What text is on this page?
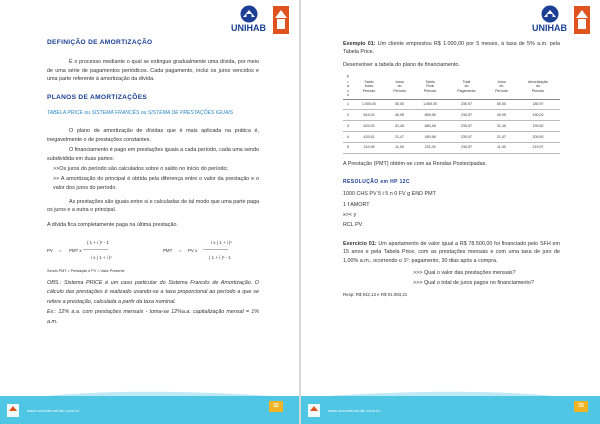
UNIHAB
DEFINIÇÃO DE AMORTIZAÇÃO

É o processo mediante o qual se extingue gradualmente uma dívida, por meio de uma série de pagamentos periódicos. Cada pagamento, inclui os juros vencidos e uma parte referente à amortização da dívida.

PLANOS DE AMORTIZAÇÕES
TABELA PRICE ou SISTEMA FRANCÊS ou SISTEMA DE PRESTAÇÕES IGUAIS

O plano de amortização de dívidas que é mais aplicada na prática é, inegavelmente o de prestações constantes.

O financiamento é pago em prestações iguais a cada período, cada uma sendo subdividida em duas partes:

>>Os juros do período são calculados sobre o saldo no início do período;

>> A amortização do principal é obtida pela diferença entre o valor da prestação e o valor dos juros do período.

As prestações são iguais entre si e calculadas de tal modo que uma parte paga os juros e a outra o principal.

A dívida fica completamente paga na última prestação.

PV = PMT x
( 1 + i )ⁿ - 1
--------------------------
i x ( 1 + i )ⁿ
PMT = PV x
i x ( 1 + i )ⁿ
--------------------------
( 1 + i )ⁿ - 1
Sendo PMT = Prestação e PV = Valor Presente

OBS.: Sistema PRICE é um caso particular do Sistema Francês de Amortização. O cálculo das prestações é realizado usando-se a taxa proporcional ao período a que se refere a prestação, calculada a partir da taxa nominal.

Ex.: 12% a.a. com prestações mensais - toma-se 12%a.a. capitalização mensal = 1% a.m.

www.seusiteunihab.com.br
32
UNIHAB

Exemplo 01: Um cliente emprestou R$ 1.000,00 por 5 meses, à taxa de 5% a.m. pela Tabela Price.

Desenvolver a tabela do plano de financiamento.

P
r
a
z
o	Saldo
Início
Período	Juros
do
Período	Saldo
Final
Período	Total
do
Pagamento	Juros
do
Período	Amortização
do
Período
1	1.000,00	50,00	1.050,00	230,97	50,00	180,97
2	819,03	40,95	859,98	230,97	40,95	190,02
3	629,03	31,45	660,48	230,97	31,45	199,52
4	429,51	21,47	450,98	230,97	21,47	209,50
5	219,95	11,00	231,00	230,97	11,00	219,97

A Prestação (PMT) obtém-se com as Rendas Postecipadas.

RESOLUÇÃO em HP 12C

1000 CHS PV 5 i 5 n 0 FV g END PMT

1 f AMORT

x>< y

RCL PV

Exercício 01: Um apartamento de valor igual a R$ 78.500,00 foi financiado pelo SFH em 15 anos e pela Tabela Price, com as prestações mensais e com uma taxa de juro de 1,00% a.m., ocorrendo o 1º. pagamento, 30 dias após a compra.

>>> Qual o valor das prestações mensais?

>>> Qual o total de juros pagos no financiamento?

Resp: R$ 942,13 e R$ 91.083,21

www.seusiteunihab.com.br
33
